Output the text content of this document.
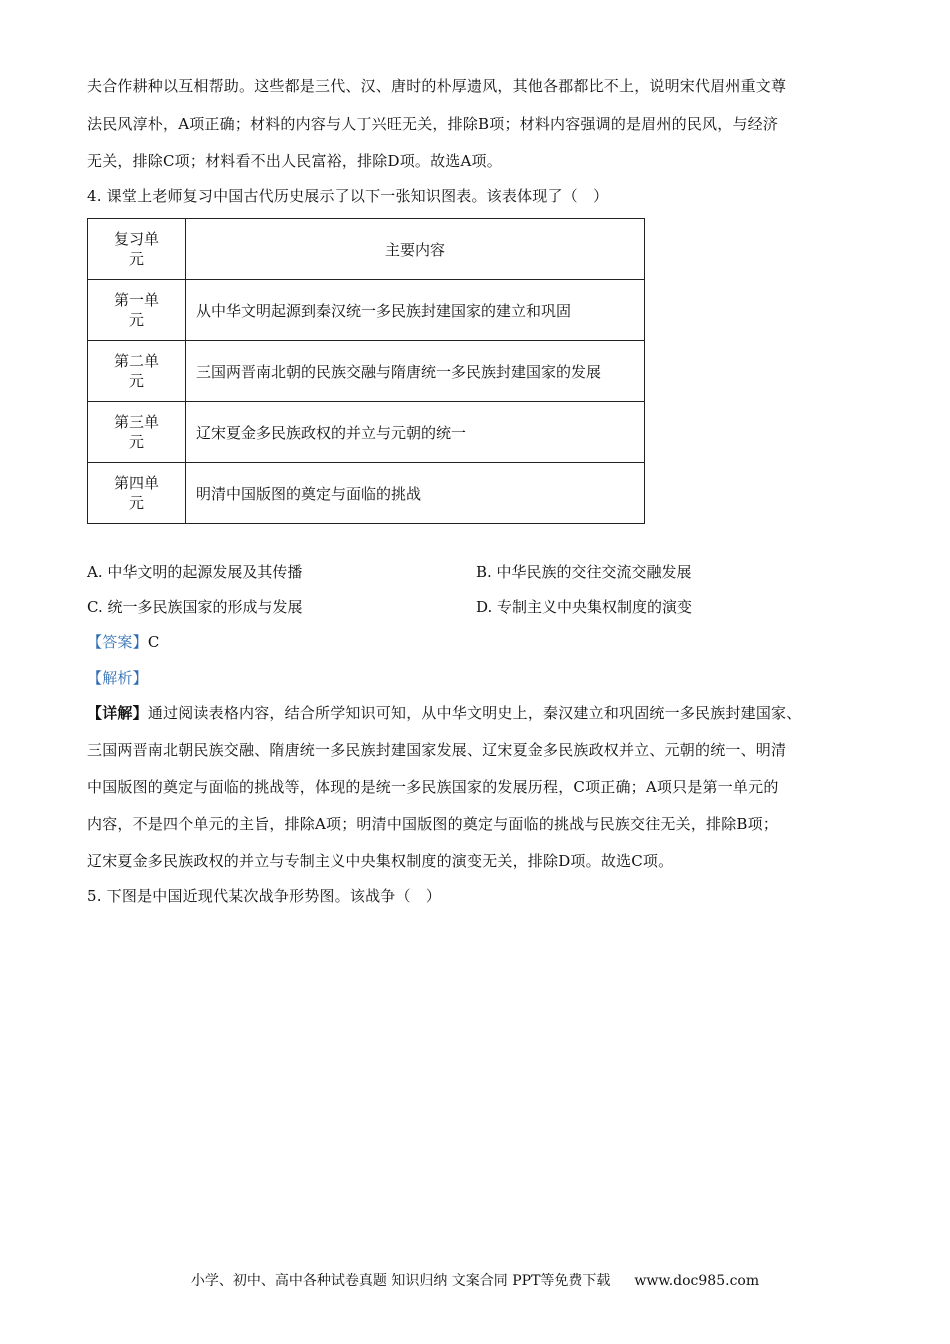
夫合作耕种以互相帮助。这些都是三代、汉、唐时的朴厚遗风，其他各郡都比不上，说明宋代眉州重文尊
法民风淳朴，A项正确；材料的内容与人丁兴旺无关，排除B项；材料内容强调的是眉州的民风，与经济
无关，排除C项；材料看不出人民富裕，排除D项。故选A项。
4. 课堂上老师复习中国古代历史展示了以下一张知识图表。该表体现了（　）
复习单
元	主要内容

第一单
元	从中华文明起源到秦汉统一多民族封建国家的建立和巩固

第二单
元	三国两晋南北朝的民族交融与隋唐统一多民族封建国家的发展

第三单
元	辽宋夏金多民族政权的并立与元朝的统一

第四单
元	明清中国版图的奠定与面临的挑战
A. 中华文明的起源发展及其传播	B. 中华民族的交往交流交融发展
C. 统一多民族国家的形成与发展	D. 专制主义中央集权制度的演变
【答案】C
【解析】
【详解】通过阅读表格内容，结合所学知识可知，从中华文明史上，秦汉建立和巩固统一多民族封建国家、
三国两晋南北朝民族交融、隋唐统一多民族封建国家发展、辽宋夏金多民族政权并立、元朝的统一、明清
中国版图的奠定与面临的挑战等，体现的是统一多民族国家的发展历程，C项正确；A项只是第一单元的
内容，不是四个单元的主旨，排除A项；明清中国版图的奠定与面临的挑战与民族交往无关，排除B项；
辽宋夏金多民族政权的并立与专制主义中央集权制度的演变无关，排除D项。故选C项。
5. 下图是中国近现代某次战争形势图。该战争（　）
小学、初中、高中各种试卷真题 知识归纳 文案合同 PPT等免费下载 www.doc985.com
